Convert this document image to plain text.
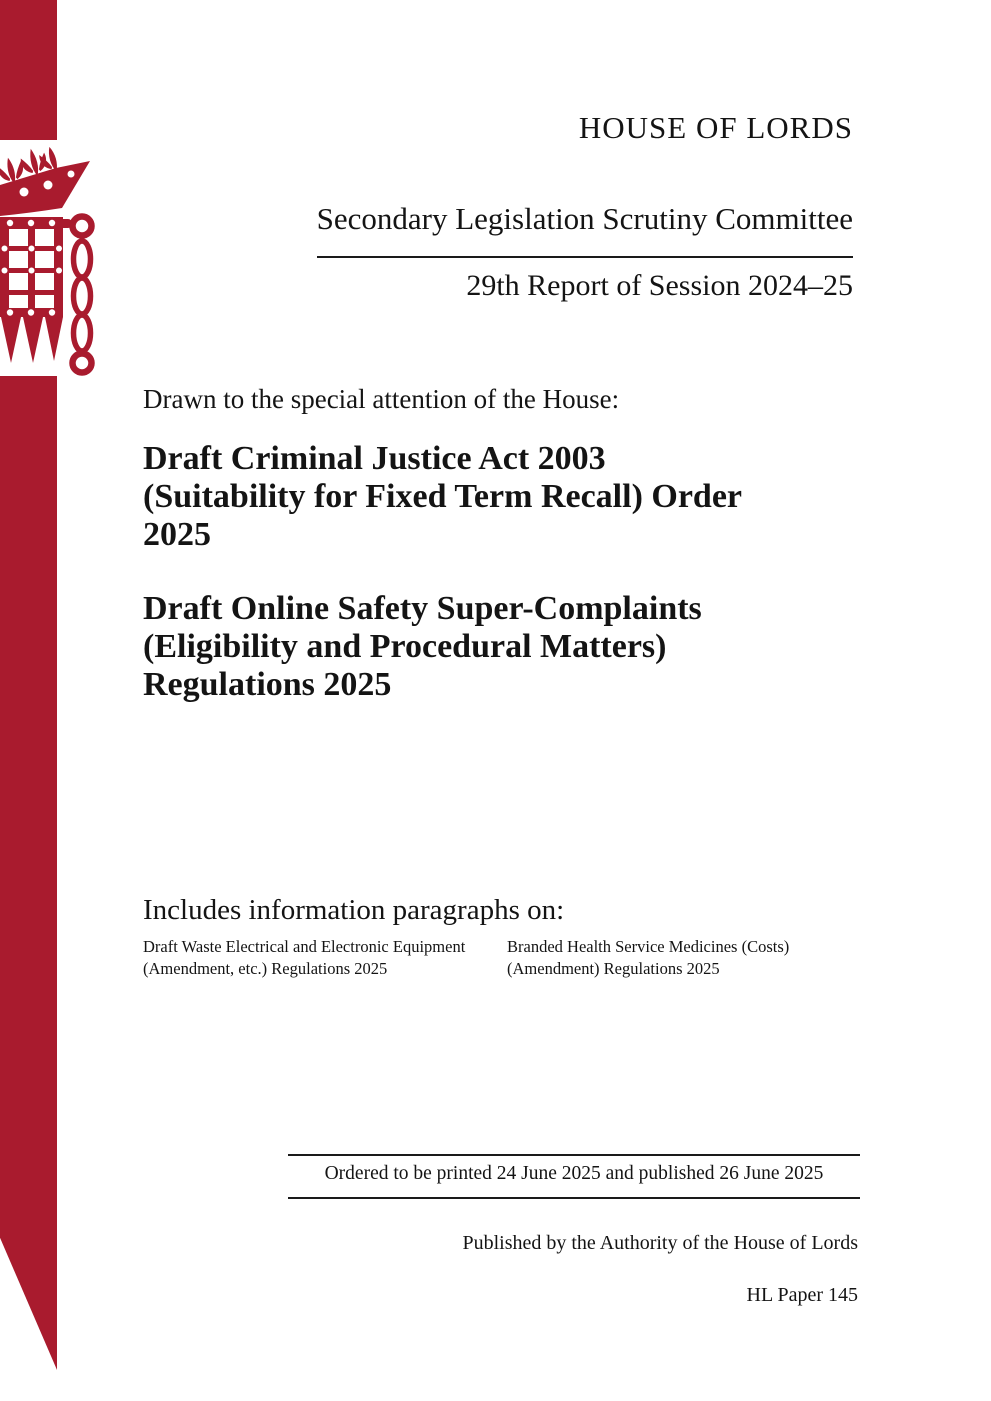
HOUSE OF LORDS
Secondary Legislation Scrutiny Committee
29th Report of Session 2024–25
Drawn to the special attention of the House:
Draft Criminal Justice Act 2003
(Suitability for Fixed Term Recall) Order
2025
Draft Online Safety Super-Complaints
(Eligibility and Procedural Matters)
Regulations 2025
Includes information paragraphs on:
Draft Waste Electrical and Electronic Equipment
(Amendment, etc.) Regulations 2025
Branded Health Service Medicines (Costs)
(Amendment) Regulations 2025
Ordered to be printed 24 June 2025 and published 26 June 2025
Published by the Authority of the House of Lords
HL Paper 145
